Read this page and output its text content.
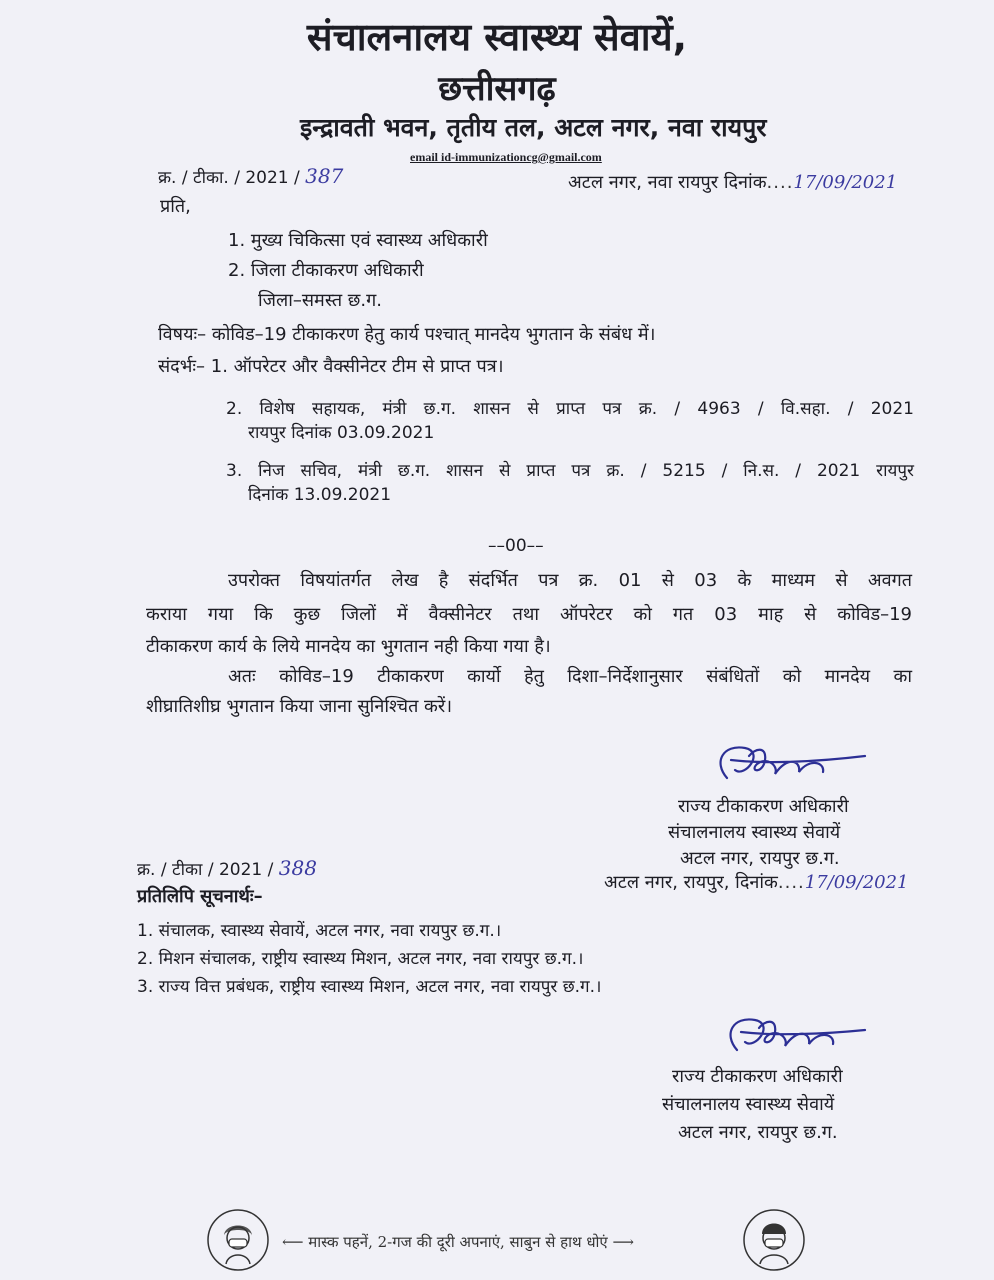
संचालनालय स्वास्थ्य सेवायें,
छत्तीसगढ़
इन्द्रावती भवन, तृतीय तल, अटल नगर, नवा रायपुर
email id-immunizationcg@gmail.com
क्र. / टीका. / 2021 / 387	अटल नगर, नवा रायपुर दिनांक....17/09/2021
प्रति,
1. मुख्य चिकित्सा एवं स्वास्थ्य अधिकारी
2. जिला टीकाकरण अधिकारी
जिला–समस्त छ.ग.
विषयः– कोविड–19 टीकाकरण हेतु कार्य पश्चात् मानदेय भुगतान के संबंध में।
संदर्भः– 1. ऑपरेटर और वैक्सीनेटर टीम से प्राप्त पत्र।
2. विशेष सहायक, मंत्री छ.ग. शासन से प्राप्त पत्र क्र. / 4963 / वि.सहा. / 2021
रायपुर दिनांक 03.09.2021
3. निज सचिव, मंत्री छ.ग. शासन से प्राप्त पत्र क्र. / 5215 / नि.स. / 2021 रायपुर
दिनांक 13.09.2021
––00––
उपरोक्त विषयांतर्गत लेख है संदर्भित पत्र क्र. 01 से 03 के माध्यम से अवगत
कराया गया कि कुछ जिलों में वैक्सीनेटर तथा ऑपरेटर को गत 03 माह से कोविड–19
टीकाकरण कार्य के लिये मानदेय का भुगतान नही किया गया है।
अतः कोविड–19 टीकाकरण कार्यो हेतु दिशा–निर्देशानुसार संबंधितों को मानदेय का
शीघ्रातिशीघ्र भुगतान किया जाना सुनिश्चित करें।
राज्य टीकाकरण अधिकारी
संचालनालय स्वास्थ्य सेवायें
अटल नगर, रायपुर छ.ग.
क्र. / टीका / 2021 / 388
अटल नगर, रायपुर, दिनांक....17/09/2021
प्रतिलिपि सूचनार्थः–
1. संचालक, स्वास्थ्य सेवायें, अटल नगर, नवा रायपुर छ.ग.।
2. मिशन संचालक, राष्ट्रीय स्वास्थ्य मिशन, अटल नगर, नवा रायपुर छ.ग.।
3. राज्य वित्त प्रबंधक, राष्ट्रीय स्वास्थ्य मिशन, अटल नगर, नवा रायपुर छ.ग.।
राज्य टीकाकरण अधिकारी
संचालनालय स्वास्थ्य सेवायें
अटल नगर, रायपुर छ.ग.
⟵ मास्क पहनें, 2-गज की दूरी अपनाएं, साबुन से हाथ धोएं ⟶
